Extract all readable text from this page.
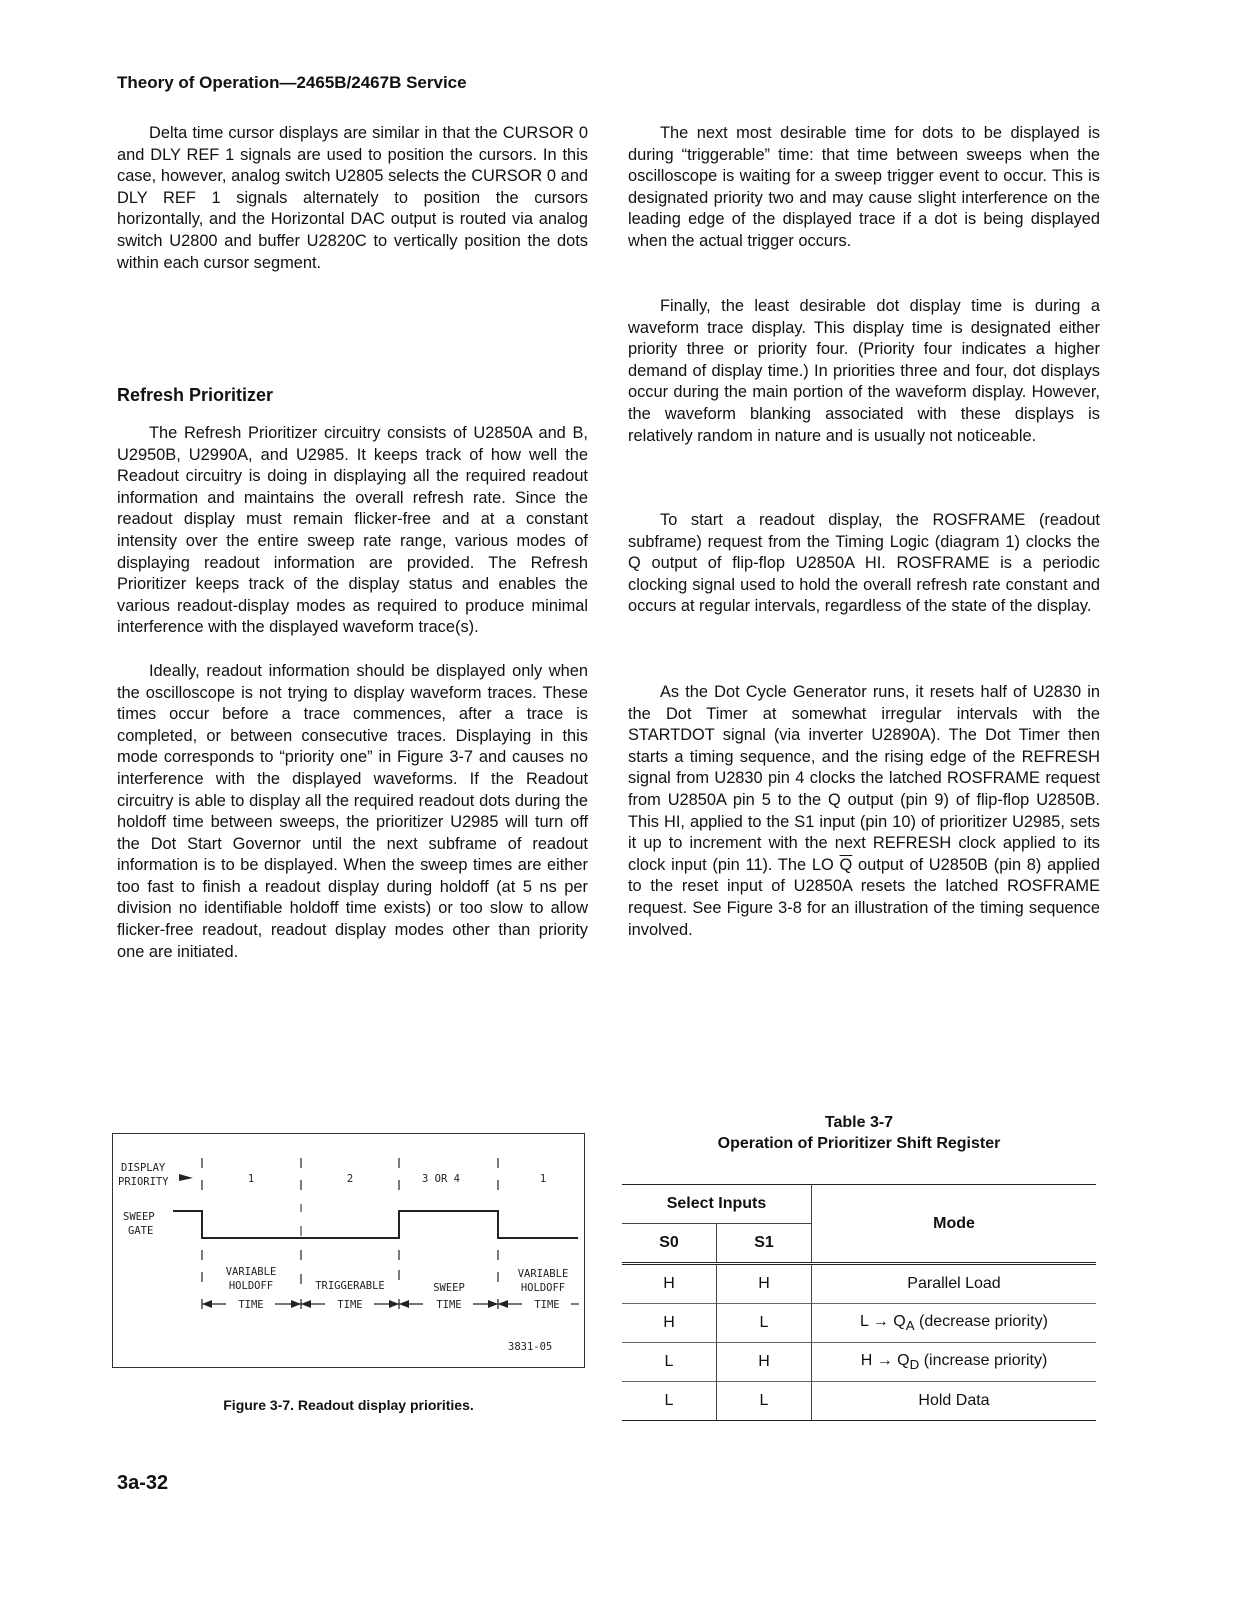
Theory of Operation—2465B/2467B Service

Delta time cursor displays are similar in that the CURSOR 0 and DLY REF 1 signals are used to position the cursors. In this case, however, analog switch U2805 selects the CURSOR 0 and DLY REF 1 signals alternately to position the cursors horizontally, and the Horizontal DAC output is routed via analog switch U2800 and buffer U2820C to vertically position the dots within each cursor segment.

Refresh Prioritizer

The Refresh Prioritizer circuitry consists of U2850A and B, U2950B, U2990A, and U2985. It keeps track of how well the Readout circuitry is doing in displaying all the required readout information and maintains the overall refresh rate. Since the readout display must remain flicker-free and at a constant intensity over the entire sweep rate range, various modes of displaying readout information are provided. The Refresh Prioritizer keeps track of the display status and enables the various readout-display modes as required to produce minimal interference with the displayed waveform trace(s).

Ideally, readout information should be displayed only when the oscilloscope is not trying to display waveform traces. These times occur before a trace commences, after a trace is completed, or between consecutive traces. Displaying in this mode corresponds to “priority one” in Figure 3-7 and causes no interference with the displayed waveforms. If the Readout circuitry is able to display all the required readout dots during the holdoff time between sweeps, the prioritizer U2985 will turn off the Dot Start Governor until the next subframe of readout information is to be displayed. When the sweep times are either too fast to finish a readout display during holdoff (at 5 ns per division no identifiable holdoff time exists) or too slow to allow flicker-free readout, readout display modes other than priority one are initiated.

The next most desirable time for dots to be displayed is during “triggerable” time: that time between sweeps when the oscilloscope is waiting for a sweep trigger event to occur. This is designated priority two and may cause slight interference on the leading edge of the displayed trace if a dot is being displayed when the actual trigger occurs.

Finally, the least desirable dot display time is during a waveform trace display. This display time is designated either priority three or priority four. (Priority four indicates a higher demand of display time.) In priorities three and four, dot displays occur during the main portion of the waveform display. However, the waveform blanking associated with these displays is relatively random in nature and is usually not noticeable.

To start a readout display, the ROSFRAME (readout subframe) request from the Timing Logic (diagram 1) clocks the Q output of flip-flop U2850A HI. ROSFRAME is a periodic clocking signal used to hold the overall refresh rate constant and occurs at regular intervals, regardless of the state of the display.

As the Dot Cycle Generator runs, it resets half of U2830 in the Dot Timer at somewhat irregular intervals with the STARTDOT signal (via inverter U2890A). The Dot Timer then starts a timing sequence, and the rising edge of the REFRESH signal from U2830 pin 4 clocks the latched ROSFRAME request from U2850A pin 5 to the Q output (pin 9) of flip-flop U2850B. This HI, applied to the S1 input (pin 10) of prioritizer U2985, sets it up to increment with the next REFRESH clock applied to its clock input (pin 11). The LO $\overline{Q}$ output of U2850B (pin 8) applied to the reset input of U2850A resets the latched ROSFRAME request. See Figure 3-8 for an illustration of the timing sequence involved.

DISPLAY
PRIORITY	1	2	3 OR 4	1
SWEEP
GATE
VARIABLE
HOLDOFF	TRIGGERABLE	SWEEP
VARIABLE
HOLDOFF
TIME	TIME	TIME	TIME
3831-05
Figure 3-7. Readout display priorities.
Table 3-7
Operation of Prioritizer Shift Register
Select Inputs		Mode
S0	S1	
H	H	Parallel Load
H	L	$L \to Q_A$ (decrease priority)
L	H	$H \to Q_D$ (increase priority)
L	L	Hold Data
3a-32
